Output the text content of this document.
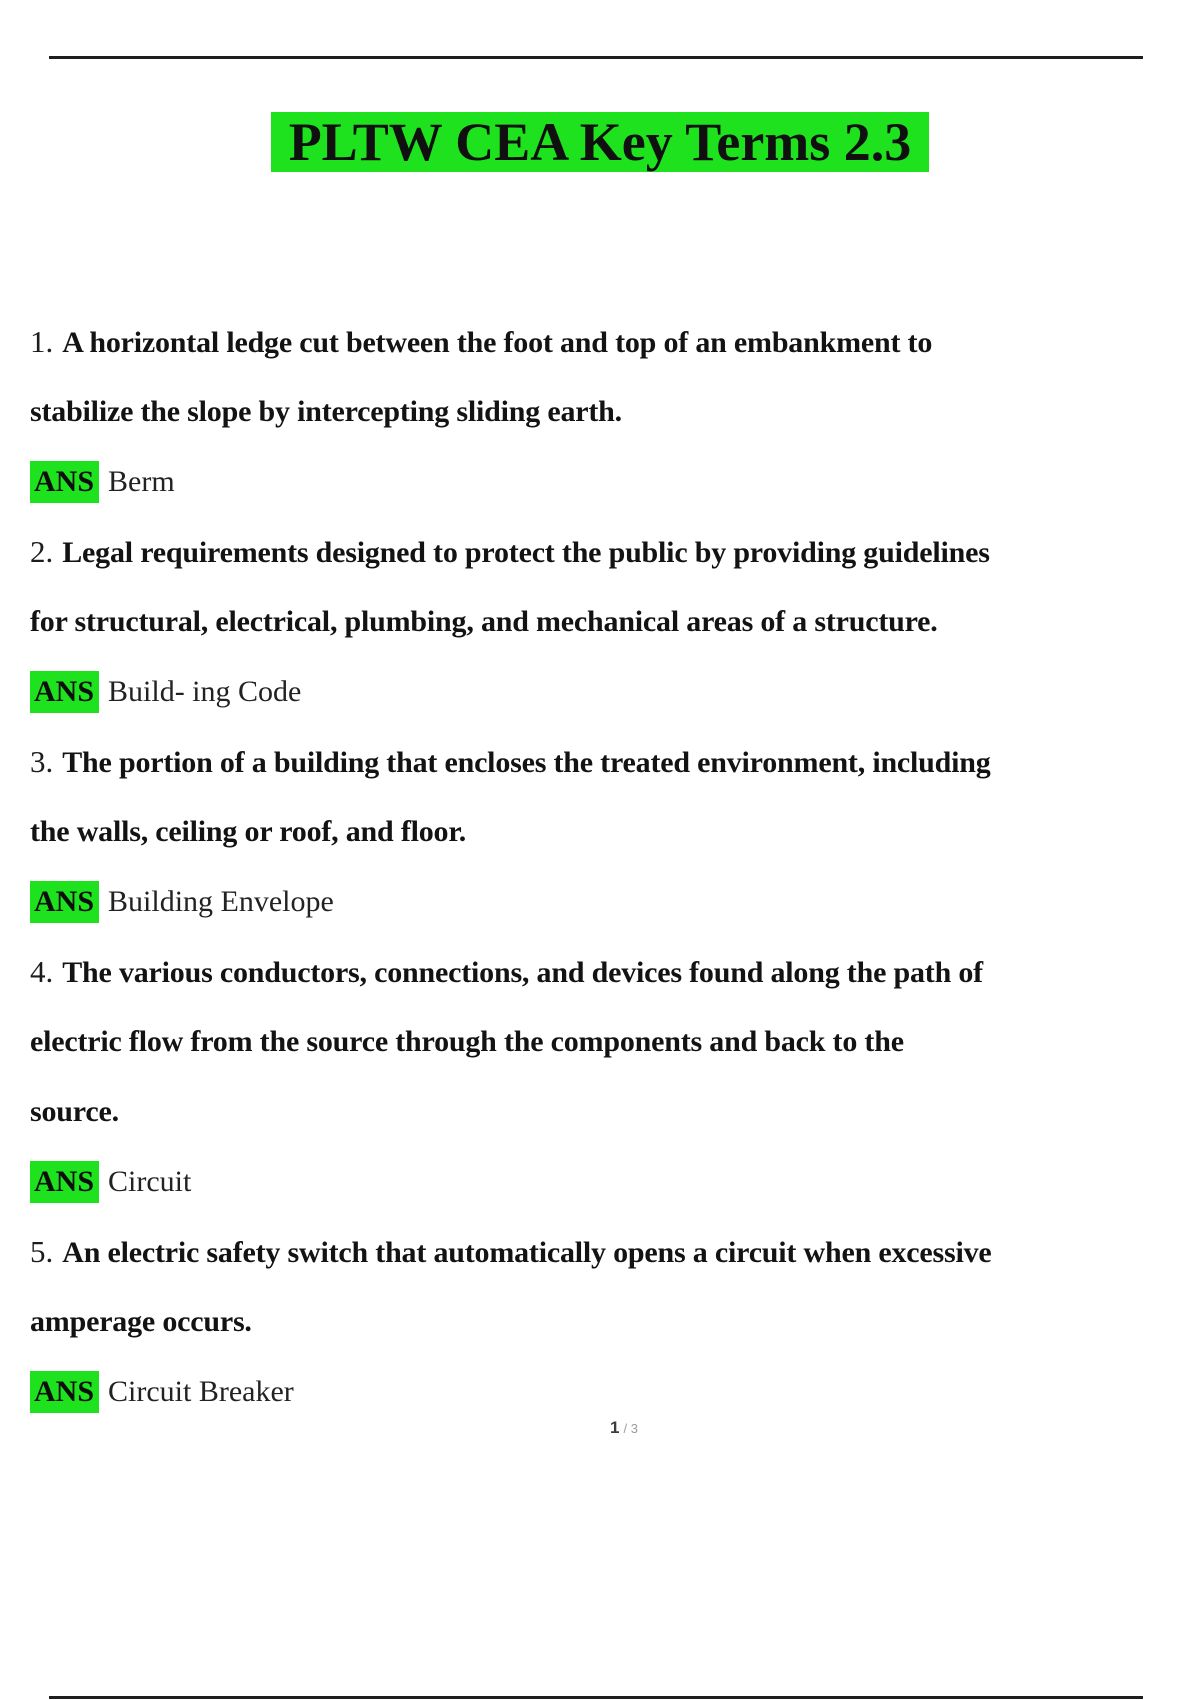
PLTW CEA Key Terms 2.3
1. A horizontal ledge cut between the foot and top of an embankment to
stabilize the slope by intercepting sliding earth.
ANS Berm
2. Legal requirements designed to protect the public by providing guidelines
for structural, electrical, plumbing, and mechanical areas of a structure.
ANS Build- ing Code
3. The portion of a building that encloses the treated environment, including
the walls, ceiling or roof, and floor.
ANS Building Envelope
4. The various conductors, connections, and devices found along the path of
electric flow from the source through the components and back to the
source.
ANS Circuit
5. An electric safety switch that automatically opens a circuit when excessive
amperage occurs.
ANS Circuit Breaker
1 / 3
